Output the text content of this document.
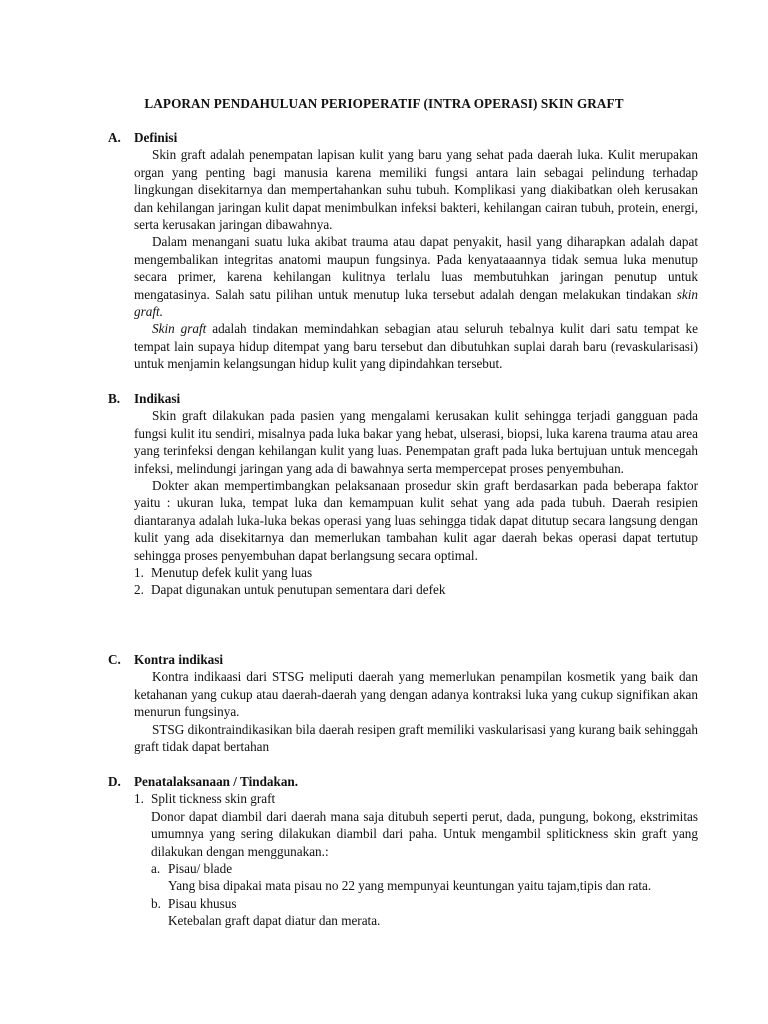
LAPORAN PENDAHULUAN PERIOPERATIF (INTRA OPERASI) SKIN GRAFT
A. Definisi

Skin graft adalah penempatan lapisan kulit yang baru yang sehat pada daerah luka. Kulit merupakan organ yang penting bagi manusia karena memiliki fungsi antara lain sebagai pelindung terhadap lingkungan disekitarnya dan mempertahankan suhu tubuh. Komplikasi yang diakibatkan oleh kerusakan dan kehilangan jaringan kulit dapat menimbulkan infeksi bakteri, kehilangan cairan tubuh, protein, energi, serta kerusakan jaringan dibawahnya.

Dalam menangani suatu luka akibat trauma atau dapat penyakit, hasil yang diharapkan adalah dapat mengembalikan integritas anatomi maupun fungsinya. Pada kenyataaannya tidak semua luka menutup secara primer, karena kehilangan kulitnya terlalu luas membutuhkan jaringan penutup untuk mengatasinya. Salah satu pilihan untuk menutup luka tersebut adalah dengan melakukan tindakan skin graft.

Skin graft adalah tindakan memindahkan sebagian atau seluruh tebalnya kulit dari satu tempat ke tempat lain supaya hidup ditempat yang baru tersebut dan dibutuhkan suplai darah baru (revaskularisasi) untuk menjamin kelangsungan hidup kulit yang dipindahkan tersebut.

B.	Indikasi

Skin graft dilakukan pada pasien yang mengalami kerusakan kulit sehingga terjadi gangguan pada fungsi kulit itu sendiri, misalnya pada luka bakar yang hebat, ulserasi, biopsi, luka karena trauma atau area yang terinfeksi dengan kehilangan kulit yang luas. Penempatan graft pada luka bertujuan untuk mencegah infeksi, melindungi jaringan yang ada di bawahnya serta mempercepat proses penyembuhan.

Dokter akan mempertimbangkan pelaksanaan prosedur skin graft berdasarkan pada beberapa faktor yaitu : ukuran luka, tempat luka dan kemampuan kulit sehat yang ada pada tubuh. Daerah resipien diantaranya adalah luka-luka bekas operasi yang luas sehingga tidak dapat ditutup secara langsung dengan kulit yang ada disekitarnya dan memerlukan tambahan kulit agar daerah bekas operasi dapat tertutup sehingga proses penyembuhan dapat berlangsung secara optimal.

1. Menutup defek kulit yang luas
2. Dapat digunakan untuk penutupan sementara dari defek
C. Kontra indikasi

Kontra indikaasi dari STSG meliputi daerah yang memerlukan penampilan kosmetik yang baik dan ketahanan yang cukup atau daerah-daerah yang dengan adanya kontraksi luka yang cukup signifikan akan menurun fungsinya.

STSG dikontraindikasikan bila daerah resipen graft memiliki vaskularisasi yang kurang baik sehinggah graft tidak dapat bertahan

D. Penatalaksanaan / Tindakan.
1. Split tickness skin graft

Donor dapat diambil dari daerah mana saja ditubuh seperti perut, dada, pungung, bokong, ekstrimitas umumnya yang sering dilakukan diambil dari paha. Untuk mengambil splitickness skin graft yang dilakukan dengan menggunakan.:

a. Pisau/ blade

Yang bisa dipakai mata pisau no 22 yang mempunyai keuntungan yaitu tajam,tipis dan rata.

b. Pisau khusus

Ketebalan graft dapat diatur dan merata.
